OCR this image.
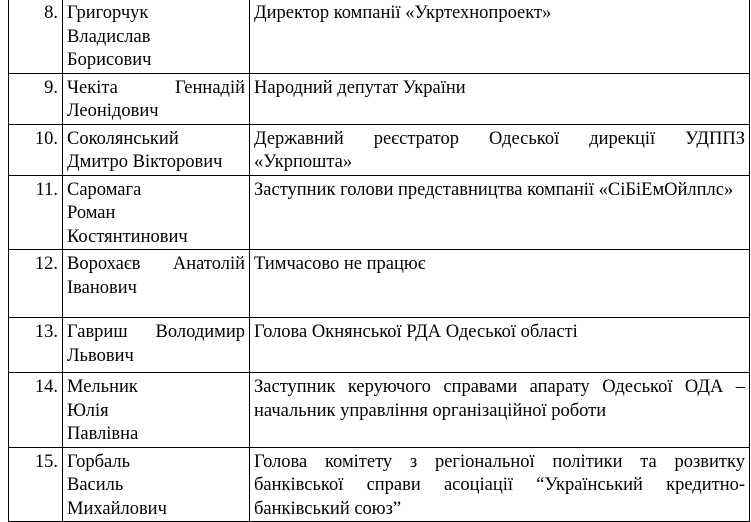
8.	Григорчук
Владислав
Борисович	Директор компанії «Укртехнопроект»
9.	Чекіта Геннадій
Леонідович	Народний депутат України
10.	Соколянський
Дмитро Вікторович	Державний реєстратор Одеської дирекції УДППЗ «Укрпошта»
11.	Саромага
Роман
Костянтинович	Заступник голови представництва компанії «СіБіЕмОйлплс»
12.	Ворохаєв Анатолій
Іванович	Тимчасово не працює
13.	Гавриш Володимир
Львович	Голова Окнянської РДА Одеської області
14.	Мельник
Юлія
Павлівна	Заступник керуючого справами апарату Одеської ОДА – начальник управління організаційної роботи
15.	Горбаль
Василь
Михайлович	Голова комітету з регіональної політики та розвитку банківської справи асоціації “Український кредитно-банківський союз”
